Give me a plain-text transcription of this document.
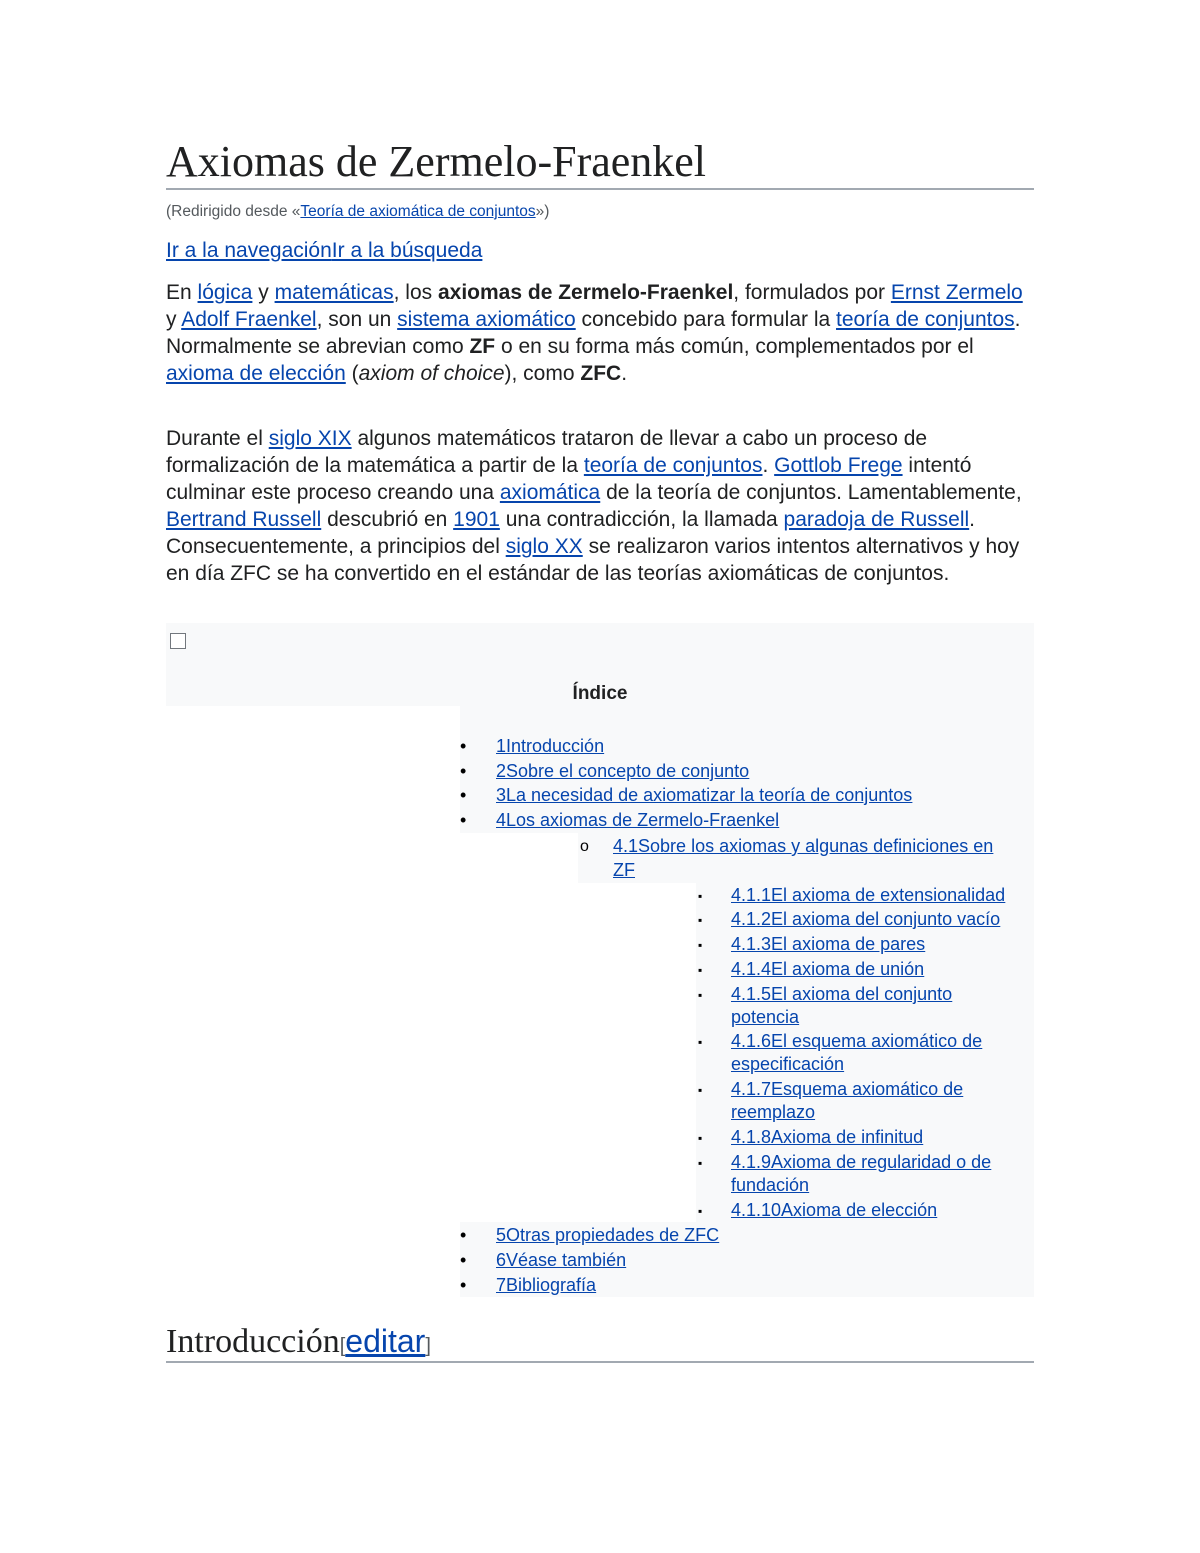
Axiomas de Zermelo-Fraenkel
(Redirigido desde «Teoría de axiomática de conjuntos»)
Ir a la navegaciónIr a la búsqueda

En lógica y matemáticas, los axiomas de Zermelo-Fraenkel, formulados por Ernst Zermelo y Adolf Fraenkel, son un sistema axiomático concebido para formular la teoría de conjuntos. Normalmente se abrevian como ZF o en su forma más común, complementados por el axioma de elección (axiom of choice), como ZFC.

Durante el siglo XIX algunos matemáticos trataron de llevar a cabo un proceso de formalización de la matemática a partir de la teoría de conjuntos. Gottlob Frege intentó culminar este proceso creando una axiomática de la teoría de conjuntos. Lamentablemente, Bertrand Russell descubrió en 1901 una contradicción, la llamada paradoja de Russell. Consecuentemente, a principios del siglo XX se realizaron varios intentos alternativos y hoy en día ZFC se ha convertido en el estándar de las teorías axiomáticas de conjuntos.

Índice
• 1Introducción
• 2Sobre el concepto de conjunto
• 3La necesidad de axiomatizar la teoría de conjuntos
• 4Los axiomas de Zermelo-Fraenkel
o 4.1Sobre los axiomas y algunas definiciones en
ZF
▪ 4.1.1El axioma de extensionalidad
▪ 4.1.2El axioma del conjunto vacío
▪ 4.1.3El axioma de pares
▪ 4.1.4El axioma de unión
▪ 4.1.5El axioma del conjunto
potencia
▪ 4.1.6El esquema axiomático de
especificación
▪ 4.1.7Esquema axiomático de
reemplazo
▪ 4.1.8Axioma de infinitud
▪ 4.1.9Axioma de regularidad o de
fundación
▪ 4.1.10Axioma de elección
• 5Otras propiedades de ZFC
• 6Véase también
• 7Bibliografía
Introducción[editar]
